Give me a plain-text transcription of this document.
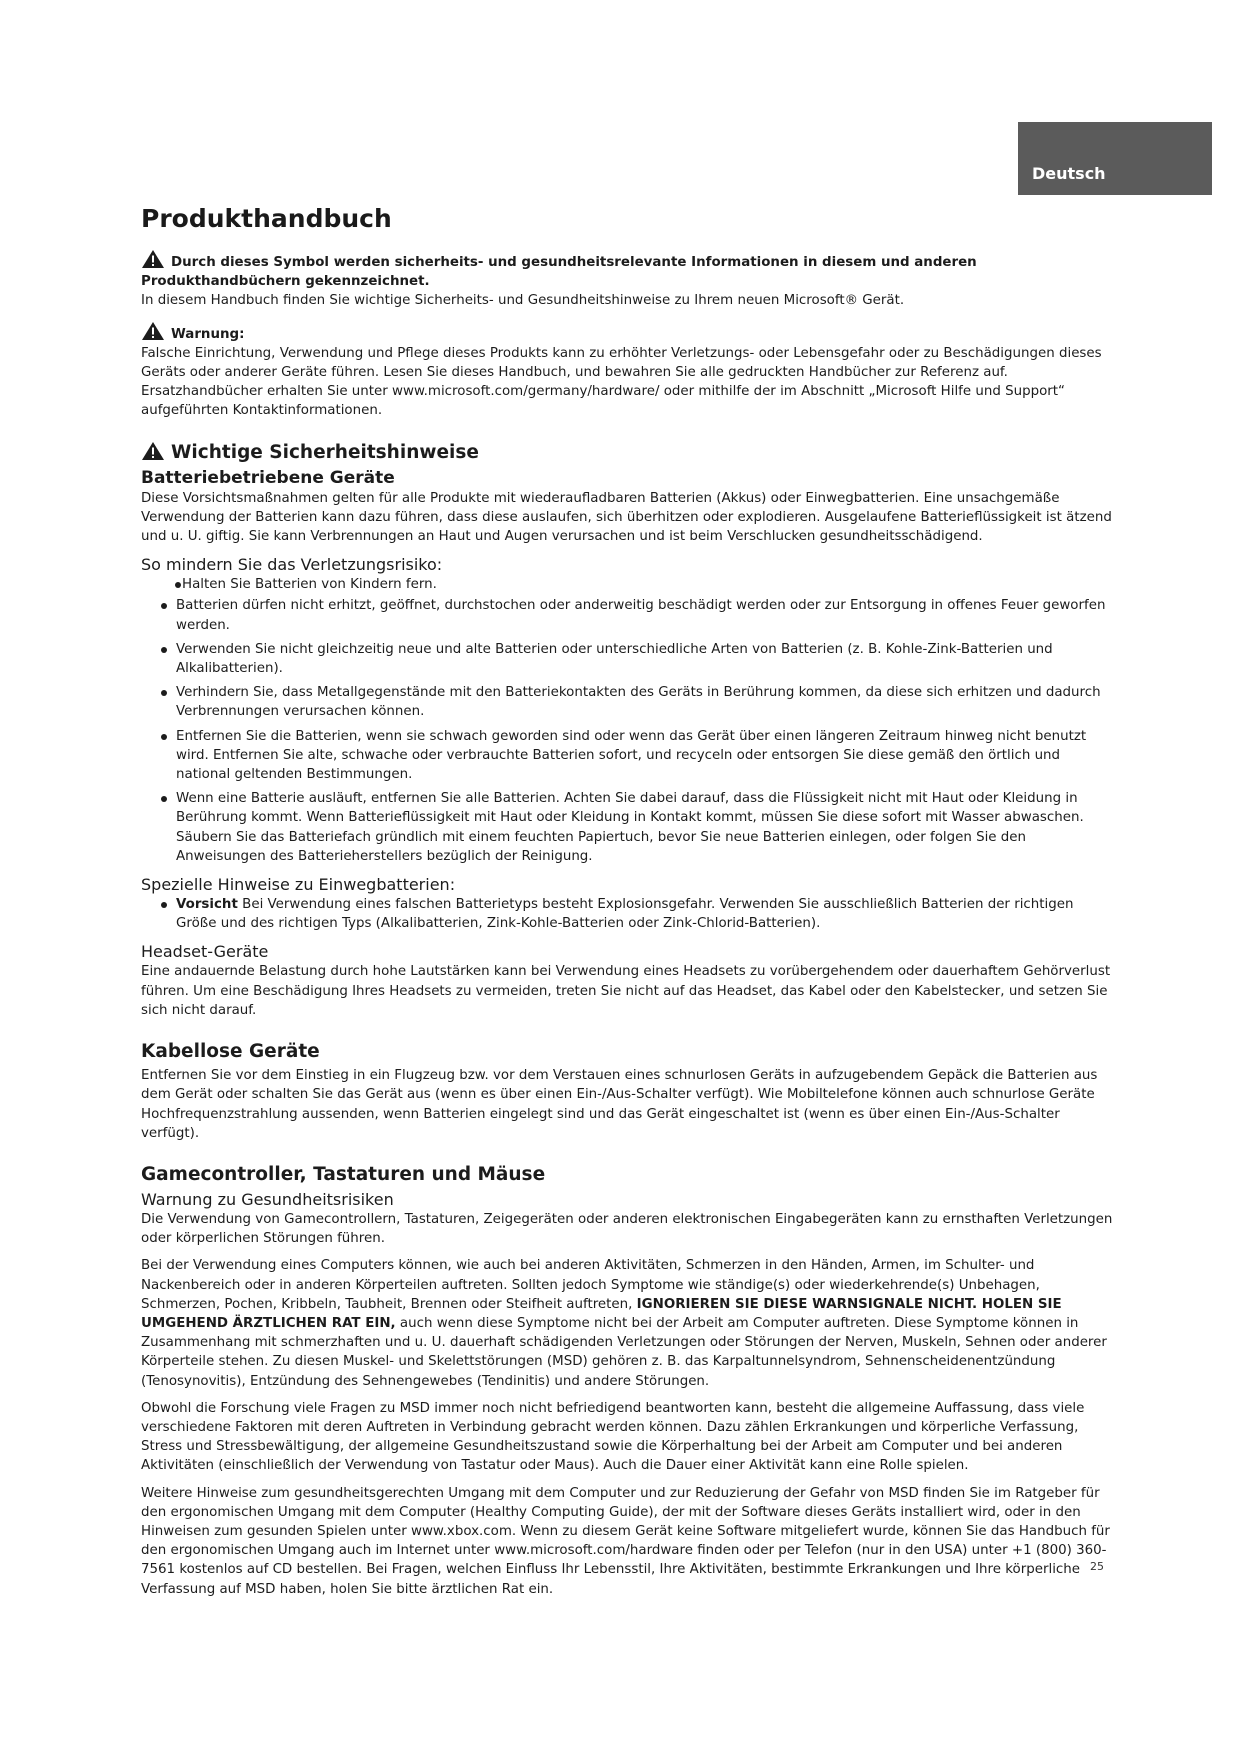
Deutsch
Produkthandbuch

Durch dieses Symbol werden sicherheits- und gesundheitsrelevante Informationen in diesem und anderen Produkthandbüchern gekennzeichnet.

In diesem Handbuch finden Sie wichtige Sicherheits- und Gesundheitshinweise zu Ihrem neuen Microsoft® Gerät.

Warnung:

Falsche Einrichtung, Verwendung und Pflege dieses Produkts kann zu erhöhter Verletzungs- oder Lebensgefahr oder zu Beschädigungen dieses Geräts oder anderer Geräte führen. Lesen Sie dieses Handbuch, und bewahren Sie alle gedruckten Handbücher zur Referenz auf. Ersatzhandbücher erhalten Sie unter www.microsoft.com/germany/hardware/ oder mithilfe der im Abschnitt „Microsoft Hilfe und Support“ aufgeführten Kontaktinformationen.

Wichtige Sicherheitshinweise
Batteriebetriebene Geräte

Diese Vorsichtsmaßnahmen gelten für alle Produkte mit wiederaufladbaren Batterien (Akkus) oder Einwegbatterien. Eine unsachgemäße Verwendung der Batterien kann dazu führen, dass diese auslaufen, sich überhitzen oder explodieren. Ausgelaufene Batterieflüssigkeit ist ätzend und u. U. giftig. Sie kann Verbrennungen an Haut und Augen verursachen und ist beim Verschlucken gesundheitsschädigend.

So mindern Sie das Verletzungsrisiko:
Halten Sie Batterien von Kindern fern.
Batterien dürfen nicht erhitzt, geöffnet, durchstochen oder anderweitig beschädigt werden oder zur Entsorgung in offenes Feuer geworfen werden.
Verwenden Sie nicht gleichzeitig neue und alte Batterien oder unterschiedliche Arten von Batterien (z. B. Kohle-Zink-Batterien und Alkalibatterien).
Verhindern Sie, dass Metallgegenstände mit den Batteriekontakten des Geräts in Berührung kommen, da diese sich erhitzen und dadurch Verbrennungen verursachen können.
Entfernen Sie die Batterien, wenn sie schwach geworden sind oder wenn das Gerät über einen längeren Zeitraum hinweg nicht benutzt wird. Entfernen Sie alte, schwache oder verbrauchte Batterien sofort, und recyceln oder entsorgen Sie diese gemäß den örtlich und national geltenden Bestimmungen.
Wenn eine Batterie ausläuft, entfernen Sie alle Batterien. Achten Sie dabei darauf, dass die Flüssigkeit nicht mit Haut oder Kleidung in Berührung kommt. Wenn Batterieflüssigkeit mit Haut oder Kleidung in Kontakt kommt, müssen Sie diese sofort mit Wasser abwaschen. Säubern Sie das Batteriefach gründlich mit einem feuchten Papiertuch, bevor Sie neue Batterien einlegen, oder folgen Sie den Anweisungen des Batterieherstellers bezüglich der Reinigung.
Spezielle Hinweise zu Einwegbatterien:
Vorsicht Bei Verwendung eines falschen Batterietyps besteht Explosionsgefahr. Verwenden Sie ausschließlich Batterien der richtigen Größe und des richtigen Typs (Alkalibatterien, Zink-Kohle-Batterien oder Zink-Chlorid-Batterien).
Headset-Geräte

Eine andauernde Belastung durch hohe Lautstärken kann bei Verwendung eines Headsets zu vorübergehendem oder dauerhaftem Gehörverlust führen. Um eine Beschädigung Ihres Headsets zu vermeiden, treten Sie nicht auf das Headset, das Kabel oder den Kabelstecker, und setzen Sie sich nicht darauf.

Kabellose Geräte

Entfernen Sie vor dem Einstieg in ein Flugzeug bzw. vor dem Verstauen eines schnurlosen Geräts in aufzugebendem Gepäck die Batterien aus dem Gerät oder schalten Sie das Gerät aus (wenn es über einen Ein-/Aus-Schalter verfügt). Wie Mobiltelefone können auch schnurlose Geräte Hochfrequenzstrahlung aussenden, wenn Batterien eingelegt sind und das Gerät eingeschaltet ist (wenn es über einen Ein-/Aus-Schalter verfügt).

Gamecontroller, Tastaturen und Mäuse
Warnung zu Gesundheitsrisiken

Die Verwendung von Gamecontrollern, Tastaturen, Zeigegeräten oder anderen elektronischen Eingabegeräten kann zu ernsthaften Verletzungen oder körperlichen Störungen führen.

Bei der Verwendung eines Computers können, wie auch bei anderen Aktivitäten, Schmerzen in den Händen, Armen, im Schulter- und Nackenbereich oder in anderen Körperteilen auftreten. Sollten jedoch Symptome wie ständige(s) oder wiederkehrende(s) Unbehagen, Schmerzen, Pochen, Kribbeln, Taubheit, Brennen oder Steifheit auftreten, IGNORIEREN SIE DIESE WARNSIGNALE NICHT. HOLEN SIE UMGEHEND ÄRZTLICHEN RAT EIN, auch wenn diese Symptome nicht bei der Arbeit am Computer auftreten. Diese Symptome können in Zusammenhang mit schmerzhaften und u. U. dauerhaft schädigenden Verletzungen oder Störungen der Nerven, Muskeln, Sehnen oder anderer Körperteile stehen. Zu diesen Muskel- und Skelettstörungen (MSD) gehören z. B. das Karpaltunnelsyndrom, Sehnenscheidenentzündung (Tenosynovitis), Entzündung des Sehnengewebes (Tendinitis) und andere Störungen.

Obwohl die Forschung viele Fragen zu MSD immer noch nicht befriedigend beantworten kann, besteht die allgemeine Auffassung, dass viele verschiedene Faktoren mit deren Auftreten in Verbindung gebracht werden können. Dazu zählen Erkrankungen und körperliche Verfassung, Stress und Stressbewältigung, der allgemeine Gesundheitszustand sowie die Körperhaltung bei der Arbeit am Computer und bei anderen Aktivitäten (einschließlich der Verwendung von Tastatur oder Maus). Auch die Dauer einer Aktivität kann eine Rolle spielen.

Weitere Hinweise zum gesundheitsgerechten Umgang mit dem Computer und zur Reduzierung der Gefahr von MSD finden Sie im Ratgeber für den ergonomischen Umgang mit dem Computer (Healthy Computing Guide), der mit der Software dieses Geräts installiert wird, oder in den Hinweisen zum gesunden Spielen unter www.xbox.com. Wenn zu diesem Gerät keine Software mitgeliefert wurde, können Sie das Handbuch für den ergonomischen Umgang auch im Internet unter www.microsoft.com/hardware finden oder per Telefon (nur in den USA) unter +1 (800) 360-7561 kostenlos auf CD bestellen. Bei Fragen, welchen Einfluss Ihr Lebensstil, Ihre Aktivitäten, bestimmte Erkrankungen und Ihre körperliche Verfassung auf MSD haben, holen Sie bitte ärztlichen Rat ein.

25
